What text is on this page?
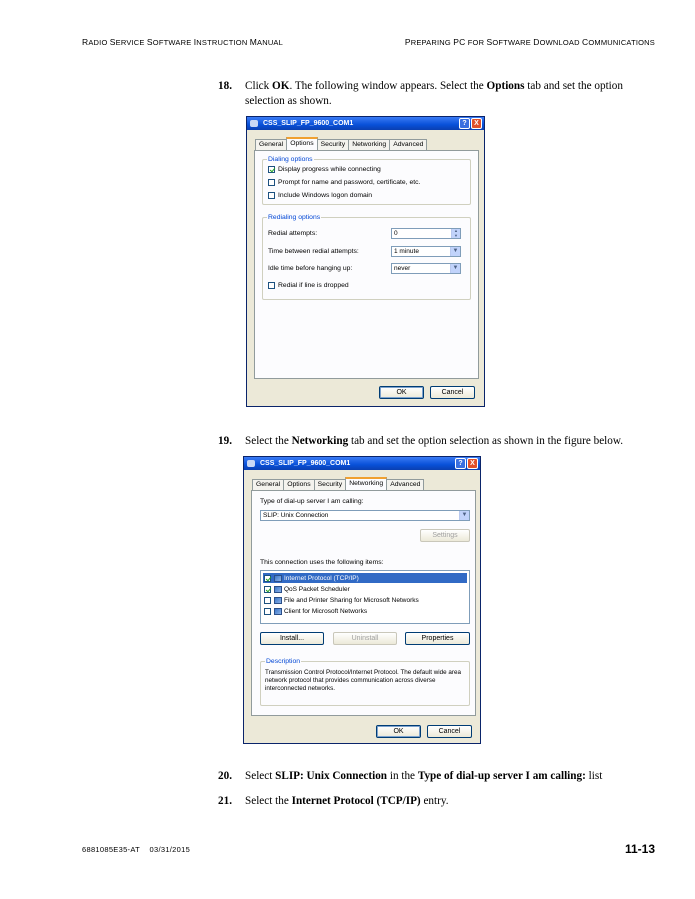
RADIO SERVICE SOFTWARE INSTRUCTION MANUAL	PREPARING PC FOR SOFTWARE DOWNLOAD COMMUNICATIONS
18. Click OK. The following window appears. Select the Options tab and set the option selection as shown.
CSS_SLIP_FP_9600_COM1	?	X
General	Options	Security	Networking	Advanced
Dialing options
Display progress while connecting
Prompt for name and password, certificate, etc.
Include Windows logon domain
Redialing options
Redial attempts:	0	▲
▼
Time between redial attempts:	1 minute	▼
Idle time before hanging up:	never	▼
Redial if line is dropped
OK	Cancel
19. Select the Networking tab and set the option selection as shown in the figure below.
CSS_SLIP_FP_9600_COM1	?	X
General	Options	Security	Networking	Advanced
Type of dial-up server I am calling:
SLIP: Unix Connection	▼
Settings
This connection uses the following items:
Internet Protocol (TCP/IP)
QoS Packet Scheduler
File and Printer Sharing for Microsoft Networks
Client for Microsoft Networks
Install...	Uninstall	Properties
Description
Transmission Control Protocol/Internet Protocol. The default wide area network protocol that provides communication across diverse interconnected networks.
OK	Cancel
20. Select SLIP: Unix Connection in the Type of dial-up server I am calling: list
21. Select the Internet Protocol (TCP/IP) entry.
6881085E35-AT 03/31/2015	11-13
